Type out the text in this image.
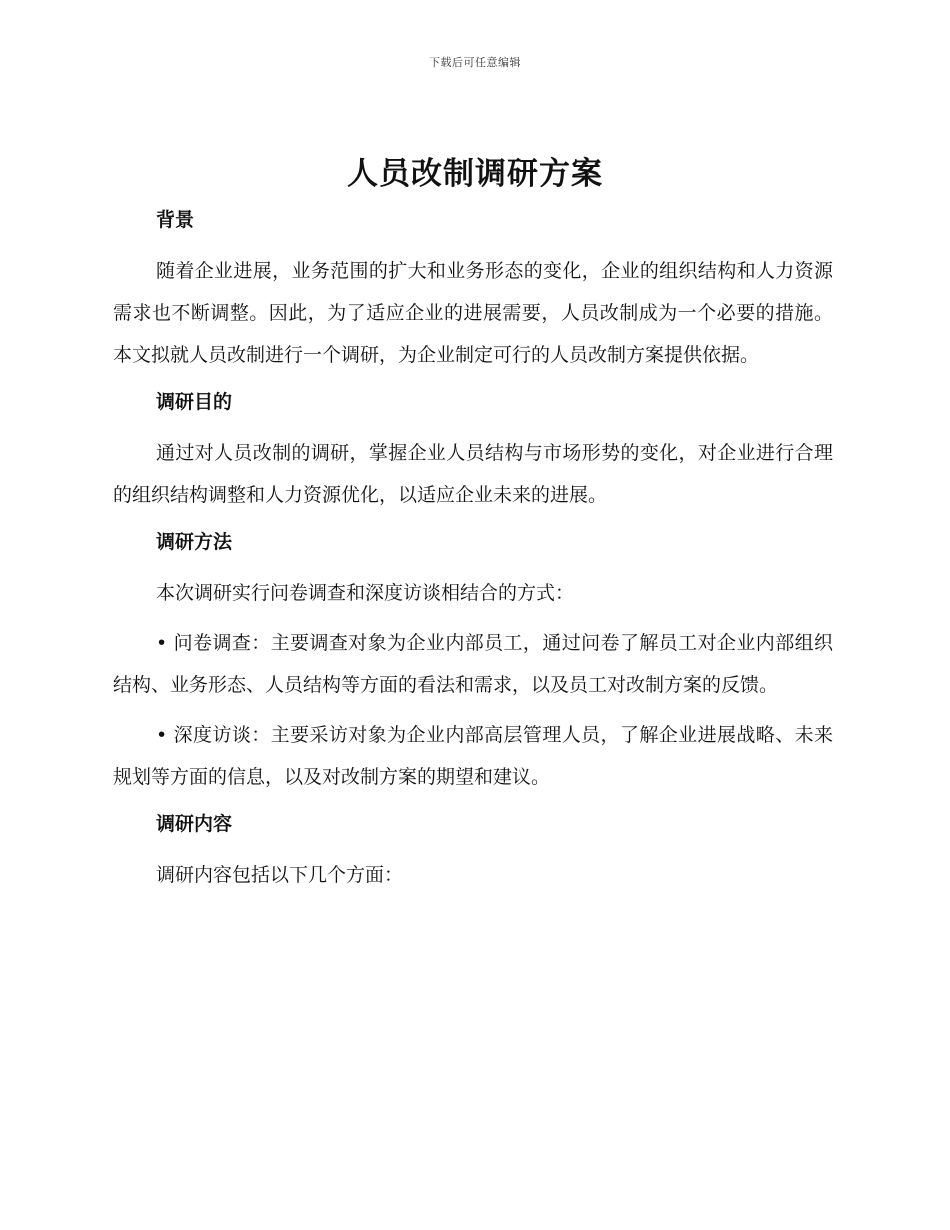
下载后可任意编辑
人员改制调研方案
背景

随着企业进展，业务范围的扩大和业务形态的变化，企业的组织结构和人力资源需求也不断调整。因此，为了适应企业的进展需要，人员改制成为一个必要的措施。本文拟就人员改制进行一个调研，为企业制定可行的人员改制方案提供依据。

调研目的

通过对人员改制的调研，掌握企业人员结构与市场形势的变化，对企业进行合理的组织结构调整和人力资源优化，以适应企业未来的进展。

调研方法

本次调研实行问卷调查和深度访谈相结合的方式：

• 问卷调查：主要调查对象为企业内部员工，通过问卷了解员工对企业内部组织结构、业务形态、人员结构等方面的看法和需求，以及员工对改制方案的反馈。

• 深度访谈：主要采访对象为企业内部高层管理人员，了解企业进展战略、未来规划等方面的信息，以及对改制方案的期望和建议。

调研内容

调研内容包括以下几个方面：
